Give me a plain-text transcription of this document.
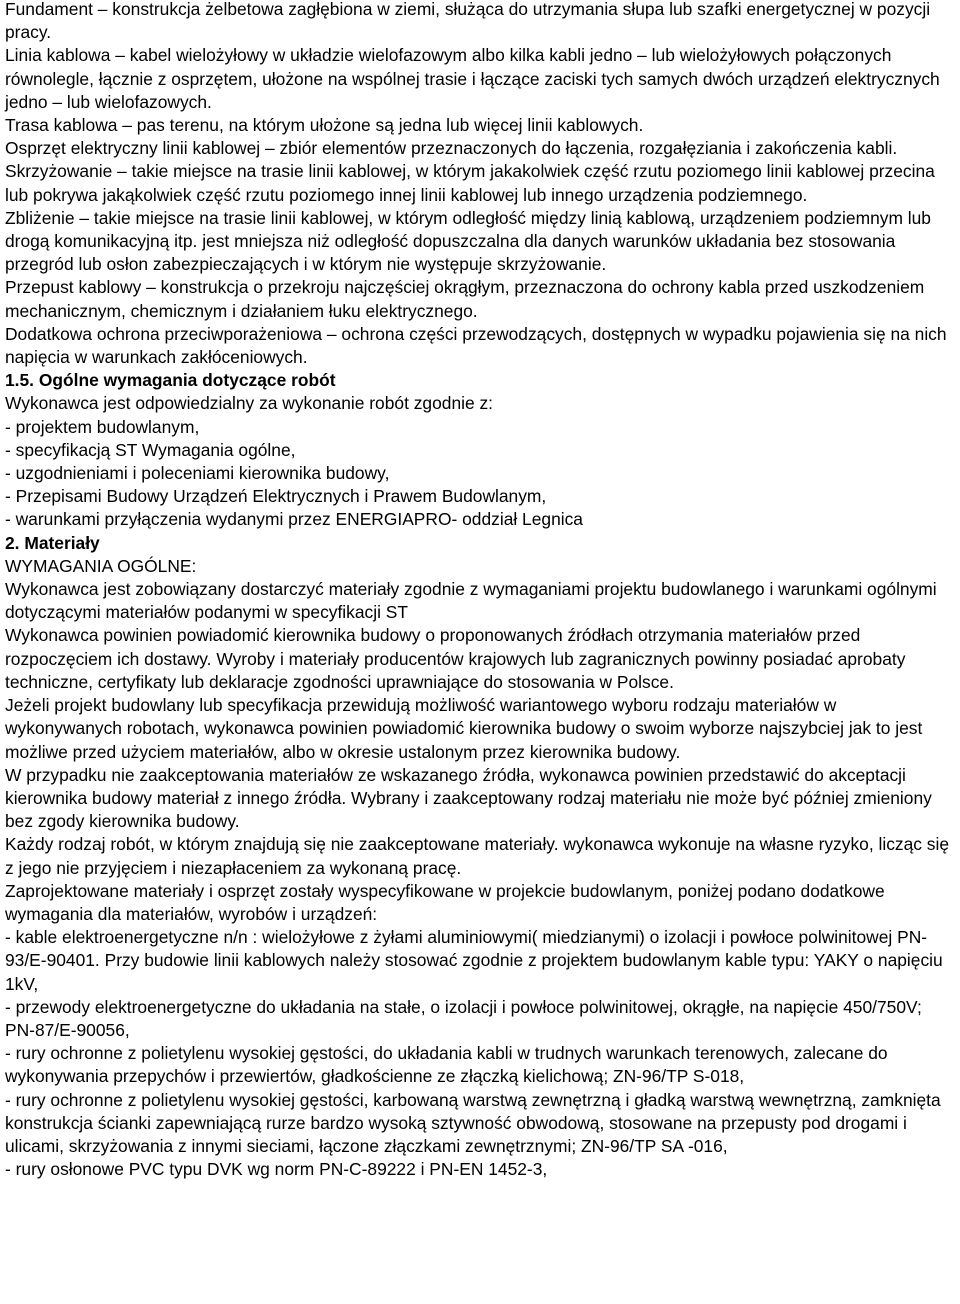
Fundament – konstrukcja żelbetowa zagłębiona w ziemi, służąca do utrzymania słupa lub szafki energetycznej w pozycji pracy.

Linia kablowa – kabel wielożyłowy w układzie wielofazowym albo kilka kabli jedno – lub wielożyłowych połączonych równolegle, łącznie z osprzętem, ułożone na wspólnej trasie i łączące zaciski tych samych dwóch urządzeń elektrycznych jedno – lub wielofazowych.

Trasa kablowa – pas terenu, na którym ułożone są jedna lub więcej linii kablowych.

Osprzęt elektryczny linii kablowej – zbiór elementów przeznaczonych do łączenia, rozgałęziania i zakończenia kabli.

Skrzyżowanie – takie miejsce na trasie linii kablowej, w którym jakakolwiek część rzutu poziomego linii kablowej przecina lub pokrywa jakąkolwiek część rzutu poziomego innej linii kablowej lub innego urządzenia podziemnego.

Zbliżenie – takie miejsce na trasie linii kablowej, w którym odległość między linią kablową, urządzeniem podziemnym lub drogą komunikacyjną itp. jest mniejsza niż odległość dopuszczalna dla danych warunków układania bez stosowania przegród lub osłon zabezpieczających i w którym nie występuje skrzyżowanie.

Przepust kablowy – konstrukcja o przekroju najczęściej okrągłym, przeznaczona do ochrony kabla przed uszkodzeniem mechanicznym, chemicznym i działaniem łuku elektrycznego.

Dodatkowa ochrona przeciwporażeniowa – ochrona części przewodzących, dostępnych w wypadku pojawienia się na nich napięcia w warunkach zakłóceniowych.

1.5. Ogólne wymagania dotyczące robót

Wykonawca jest odpowiedzialny za wykonanie robót zgodnie z:

- projektem budowlanym,

- specyfikacją ST Wymagania ogólne,

- uzgodnieniami i poleceniami kierownika budowy,

- Przepisami Budowy Urządzeń Elektrycznych i Prawem Budowlanym,

- warunkami przyłączenia wydanymi przez ENERGIAPRO- oddział Legnica

2. Materiały

WYMAGANIA OGÓLNE:

Wykonawca jest zobowiązany dostarczyć materiały zgodnie z wymaganiami projektu budowlanego i warunkami ogólnymi dotyczącymi materiałów podanymi w specyfikacji ST

Wykonawca powinien powiadomić kierownika budowy o proponowanych źródłach otrzymania materiałów przed rozpoczęciem ich dostawy. Wyroby i materiały producentów krajowych lub zagranicznych powinny posiadać aprobaty techniczne, certyfikaty lub deklaracje zgodności uprawniające do stosowania w Polsce.

Jeżeli projekt budowlany lub specyfikacja przewidują możliwość wariantowego wyboru rodzaju materiałów w wykonywanych robotach, wykonawca powinien powiadomić kierownika budowy o swoim wyborze najszybciej jak to jest możliwe przed użyciem materiałów, albo w okresie ustalonym przez kierownika budowy.

W przypadku nie zaakceptowania materiałów ze wskazanego źródła, wykonawca powinien przedstawić do akceptacji kierownika budowy materiał z innego źródła. Wybrany i zaakceptowany rodzaj materiału nie może być później zmieniony bez zgody kierownika budowy.

Każdy rodzaj robót, w którym znajdują się nie zaakceptowane materiały. wykonawca wykonuje na własne ryzyko, licząc się z jego nie przyjęciem i niezapłaceniem za wykonaną pracę.

Zaprojektowane materiały i osprzęt zostały wyspecyfikowane w projekcie budowlanym, poniżej podano dodatkowe wymagania dla materiałów, wyrobów i urządzeń:

- kable elektroenergetyczne n/n : wielożyłowe z żyłami aluminiowymi( miedzianymi) o izolacji i powłoce polwinitowej PN-93/E-90401. Przy budowie linii kablowych należy stosować zgodnie z projektem budowlanym kable typu: YAKY o napięciu 1kV,

- przewody elektroenergetyczne do układania na stałe, o izolacji i powłoce polwinitowej, okrągłe, na napięcie 450/750V; PN-87/E-90056,

- rury ochronne z polietylenu wysokiej gęstości, do układania kabli w trudnych warunkach terenowych, zalecane do wykonywania przepychów i przewiertów, gładkościenne ze złączką kielichową; ZN-96/TP S-018,

- rury ochronne z polietylenu wysokiej gęstości, karbowaną warstwą zewnętrzną i gładką warstwą wewnętrzną, zamknięta konstrukcja ścianki zapewniającą rurze bardzo wysoką sztywność obwodową, stosowane na przepusty pod drogami i ulicami, skrzyżowania z innymi sieciami, łączone złączkami zewnętrznymi; ZN-96/TP SA -016,

- rury osłonowe PVC typu DVK wg norm PN-C-89222 i PN-EN 1452-3,
